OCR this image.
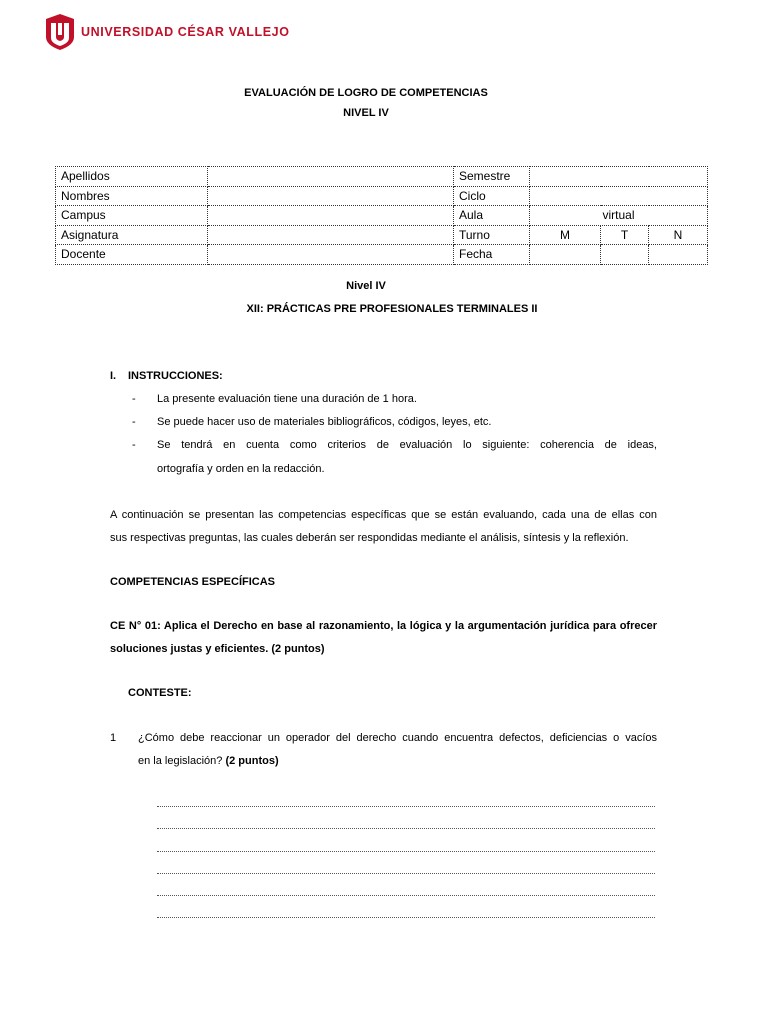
UNIVERSIDAD CÉSAR VALLEJO
EVALUACIÓN DE LOGRO DE COMPETENCIAS
NIVEL IV
Apellidos		Semestre			
Nombres		Ciclo			
Campus		Aula	virtual		
Asignatura		Turno	M	T	N
Docente		Fecha			
Nivel IV
XII: PRÁCTICAS PRE PROFESIONALES TERMINALES II
I. INSTRUCCIONES:
- La presente evaluación tiene una duración de 1 hora.
- Se puede hacer uso de materiales bibliográficos, códigos, leyes, etc.
- Se tendrá en cuenta como criterios de evaluación lo siguiente: coherencia de ideas,
ortografía y orden en la redacción.
A continuación se presentan las competencias específicas que se están evaluando, cada una de ellas con
sus respectivas preguntas, las cuales deberán ser respondidas mediante el análisis, síntesis y la reflexión.
COMPETENCIAS ESPECÍFICAS
CE N° 01: Aplica el Derecho en base al razonamiento, la lógica y la argumentación jurídica para ofrecer
soluciones justas y eficientes. (2 puntos)
CONTESTE:
1 ¿Cómo debe reaccionar un operador del derecho cuando encuentra defectos, deficiencias o vacíos
en la legislación? (2 puntos)
